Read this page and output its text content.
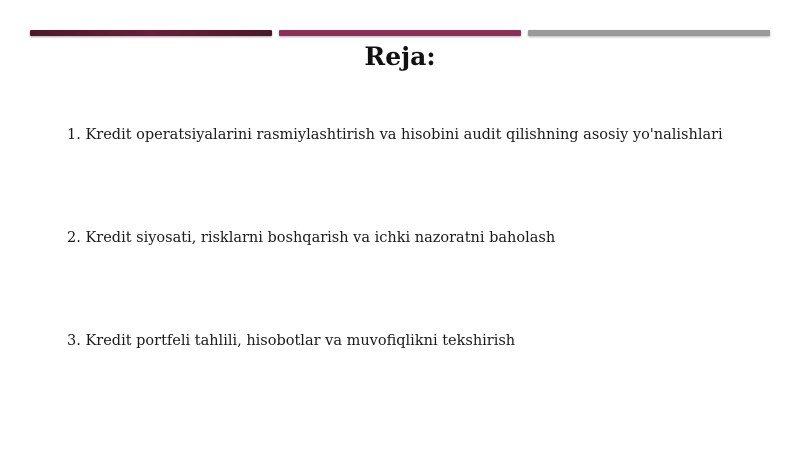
Reja:
1. Kredit operatsiyalarini rasmiylashtirish va hisobini audit qilishning asosiy yo'nalishlari
2. Kredit siyosati, risklarni boshqarish va ichki nazoratni baholash
3. Kredit portfeli tahlili, hisobotlar va muvofiqlikni tekshirish
